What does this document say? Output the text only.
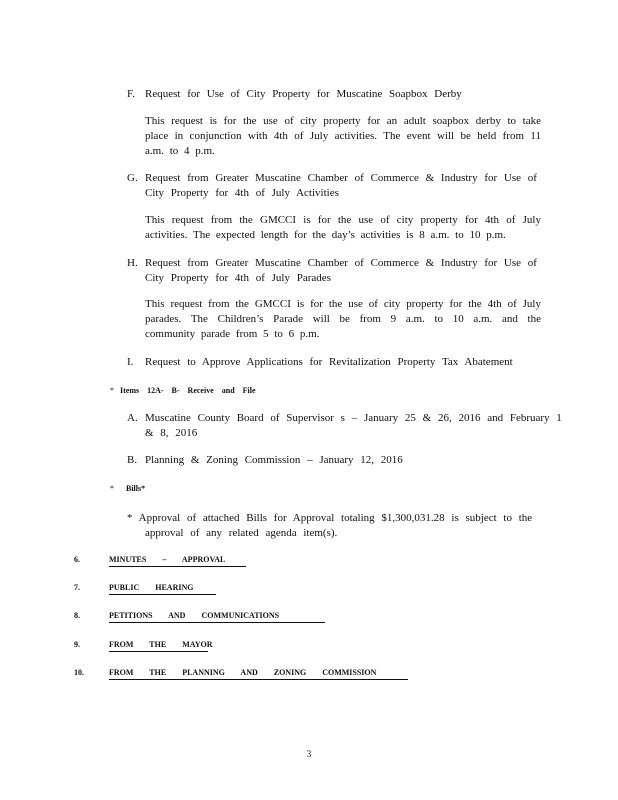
F. Request for Use of City Property for Muscatine Soapbox Derby
This request is for the use of city property for an adult soapbox derby to take place in conjunction with 4th of July activities. The event will be held from 11 a.m. to 4 p.m.
G. Request from Greater Muscatine Chamber of Commerce & Industry for Use of
City Property for 4th of July Activities
This request from the GMCCI is for the use of city property for 4th of July activities. The expected length for the day’s activities is 8 a.m. to 10 p.m.
H. Request from Greater Muscatine Chamber of Commerce & Industry for Use of
City Property for 4th of July Parades
This request from the GMCCI is for the use of city property for the 4th of July parades. The Children’s Parade will be from 9 a.m. to 10 a.m. and the community parade from 5 to 6 p.m.
I. Request to Approve Applications for Revitalization Property Tax Abatement
* Items 12A- B- Receive and File
A. Muscatine County Board of Supervisor s – January 25 & 26, 2016 and February 1
& 8, 2016
B. Planning & Zoning Commission – January 12, 2016
* Bills*
* Approval of attached Bills for Approval totaling $1,300,031.28 is subject to the
approval of any related agenda item(s).
6.	MINUTES – APPROVAL
7.	PUBLIC HEARING
8.	PETITIONS AND COMMUNICATIONS
9.	FROM THE MAYOR
10.	FROM THE PLANNING AND ZONING COMMISSION
3
